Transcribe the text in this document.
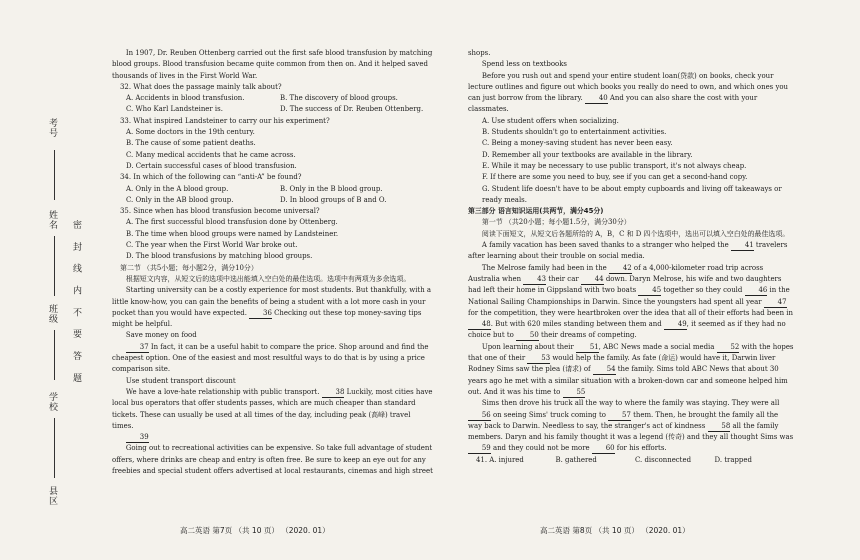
考号
姓名
班级
学校
县区
密 封 线 内 不 要 答 题

In 1907, Dr. Reuben Ottenberg carried out the first safe blood transfusion by matching blood groups. Blood transfusion became quite common from then on. And it helped saved thousands of lives in the First World War.

32. What does the passage mainly talk about?

A. Accidents in blood transfusion.	B. The discovery of blood groups.
C. Who Karl Landsteiner is.	D. The success of Dr. Reuben Ottenberg.

33. What inspired Landsteiner to carry our his experiment?

A. Some doctors in the 19th century.

B. The cause of some patient deaths.

C. Many medical accidents that he came across.

D. Certain successful cases of blood transfusion.

34. In which of the following can “anti-A” be found?

A. Only in the A blood group.	B. Only in the B blood group.
C. Only in the AB blood group.	D. In blood groups of B and O.

35. Since when has blood transfusion become universal?

A. The first successful blood transfusion done by Ottenberg.

B. The time when blood groups were named by Landsteiner.

C. The year when the First World War broke out.

D. The blood transfusions by matching blood groups.

第二节 （共5小题；每小题2分，满分10分）

根据短文内容，从短文后的选项中选出能填入空白处的最佳选项。选项中有两项为多余选项。

Starting university can be a costly experience for most students. But thankfully, with a little know-how, you can gain the benefits of being a student with a lot more cash in your pocket than you would have expected. 36 Checking out these top money-saving tips might be helpful.

Save money on food

37 In fact, it can be a useful habit to compare the price. Shop around and find the cheapest option. One of the easiest and most resultful ways to do that is by using a price comparison site.

Use student transport discount

We have a love-hate relationship with public transport. 38 Luckily, most cities have local bus operators that offer students passes, which are much cheaper than standard tickets. These can usually be used at all times of the day, including peak (高峰) travel times.

39

Going out to recreational activities can be expensive. So take full advantage of student offers, where drinks are cheap and entry is often free. Be sure to keep an eye out for any freebies and special student offers advertised at local restaurants, cinemas and high street

shops.

Spend less on textbooks

Before you rush out and spend your entire student loan(贷款) on books, check your lecture outlines and figure out which books you really do need to own, and which ones you can just borrow from the library. 40 And you can also share the cost with your classmates.

A. Use student offers when socializing.

B. Students shouldn't go to entertainment activities.

C. Being a money-saving student has never been easy.

D. Remember all your textbooks are available in the library.

E. While it may be necessary to use public transport, it's not always cheap.

F. If there are some you need to buy, see if you can get a second-hand copy.

G. Student life doesn't have to be about empty cupboards and living off takeaways or ready meals.

第三部分 语言知识运用(共两节，满分45分)

第一节 （共20小题；每小题1.5分，满分30分）

阅读下面短文，从短文后各题所给的 A，B，C 和 D 四个选项中，选出可以填入空白处的最佳选项。

A family vacation has been saved thanks to a stranger who helped the 41 travelers after learning about their trouble on social media.

The Melrose family had been in the 42 of a 4,000-kilometer road trip across Australia when 43 their car 44 down. Daryn Melrose, his wife and two daughters had left their home in Gippsland with two boats 45 together so they could 46 in the National Sailing Championships in Darwin. Since the youngsters had spent all year 47 for the competition, they were heartbroken over the idea that all of their efforts had been in 48. But with 620 miles standing between them and 49, it seemed as if they had no choice but to 50 their dreams of competing.

Upon learning about their 51, ABC News made a social media 52 with the hopes that one of their 53 would help the family. As fate (命运) would have it, Darwin liver Rodney Sims saw the plea (请求) of 54 the family. Sims told ABC News that about 30 years ago he met with a similar situation with a broken-down car and someone helped him out. And it was his time to 55

Sims then drove his truck all the way to where the family was staying. They were all 56 on seeing Sims' truck coming to 57 them. Then, he brought the family all the way back to Darwin. Needless to say, the stranger's act of kindness 58 all the family members. Daryn and his family thought it was a legend (传奇) and they all thought Sims was 59 and they could not be more 60 for his efforts.

41. A. injured	B. gathered	C. disconnected	D. trapped
高二英语 第7页 （共 10 页） （2020. 01）	高二英语 第8页 （共 10 页） （2020. 01）
